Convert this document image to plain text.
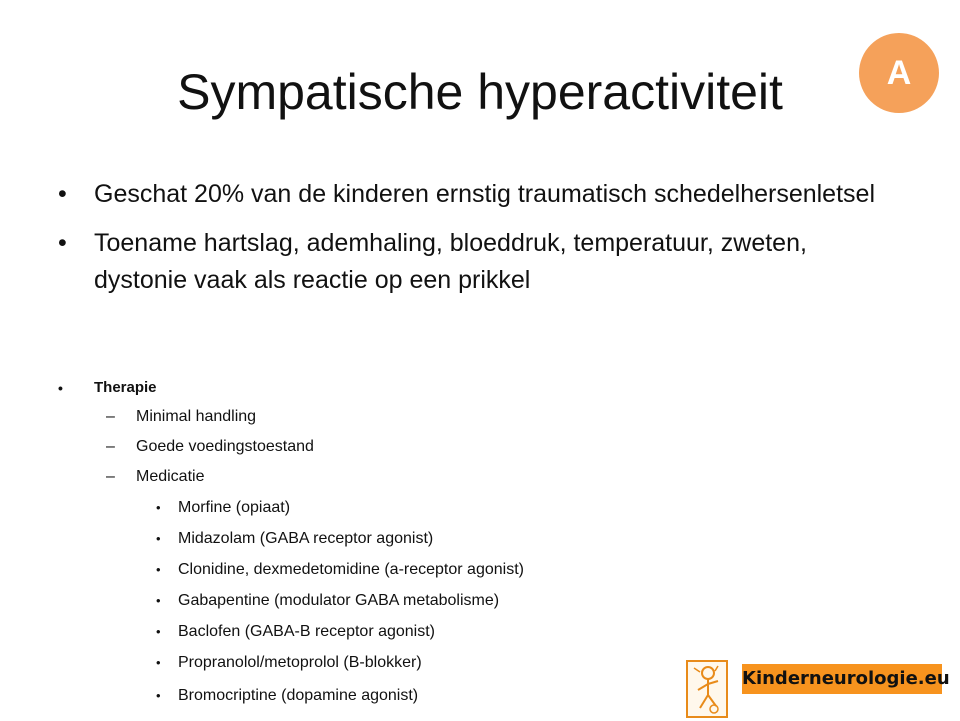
Sympatische hyperactiviteit	A
• Geschat 20% van de kinderen ernstig traumatisch schedelhersenletsel
• Toename hartslag, ademhaling, bloeddruk, temperatuur, zweten, dystonie vaak als reactie op een prikkel
• Therapie
– Minimal handling
– Goede voedingstoestand
– Medicatie
• Morfine (opiaat)
• Midazolam (GABA receptor agonist)
• Clonidine, dexmedetomidine (a-receptor agonist)
• Gabapentine (modulator GABA metabolisme)
• Baclofen (GABA-B receptor agonist)
• Propranolol/metoprolol (B-blokker)
• Bromocriptine (dopamine agonist)
Kinderneurologie.eu
